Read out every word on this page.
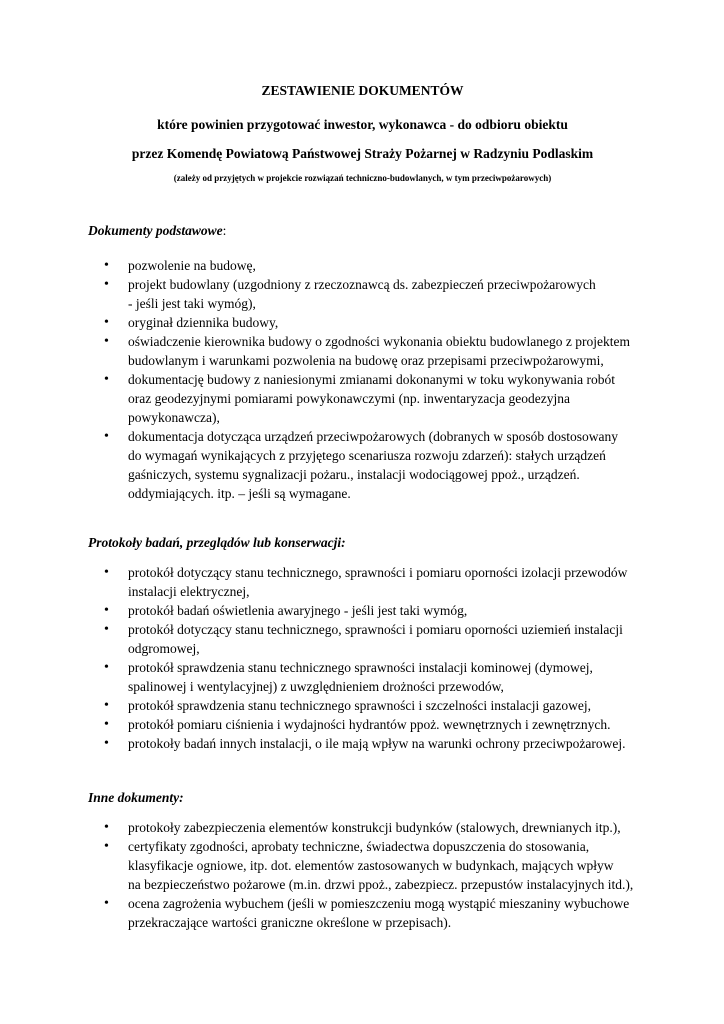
ZESTAWIENIE DOKUMENTÓW

które powinien przygotować inwestor, wykonawca - do odbioru obiektu

przez Komendę Powiatową Państwowej Straży Pożarnej w Radzyniu Podlaskim

(zależy od przyjętych w projekcie rozwiązań techniczno-budowlanych, w tym przeciwpożarowych)

Dokumenty podstawowe:

• pozwolenie na budowę,
• projekt budowlany (uzgodniony z rzeczoznawcą ds. zabezpieczeń przeciwpożarowych
- jeśli jest taki wymóg),
• oryginał dziennika budowy,
• oświadczenie kierownika budowy o zgodności wykonania obiektu budowlanego z projektem
budowlanym i warunkami pozwolenia na budowę oraz przepisami przeciwpożarowymi,
• dokumentację budowy z naniesionymi zmianami dokonanymi w toku wykonywania robót
oraz geodezyjnymi pomiarami powykonawczymi (np. inwentaryzacja geodezyjna
powykonawcza),
• dokumentacja dotycząca urządzeń przeciwpożarowych (dobranych w sposób dostosowany
do wymagań wynikających z przyjętego scenariusza rozwoju zdarzeń): stałych urządzeń
gaśniczych, systemu sygnalizacji pożaru., instalacji wodociągowej ppoż., urządzeń.
oddymiających. itp. – jeśli są wymagane.

Protokoły badań, przeglądów lub konserwacji:

• protokół dotyczący stanu technicznego, sprawności i pomiaru oporności izolacji przewodów
instalacji elektrycznej,
• protokół badań oświetlenia awaryjnego - jeśli jest taki wymóg,
• protokół dotyczący stanu technicznego, sprawności i pomiaru oporności uziemień instalacji
odgromowej,
• protokół sprawdzenia stanu technicznego sprawności instalacji kominowej (dymowej,
spalinowej i wentylacyjnej) z uwzględnieniem drożności przewodów,
• protokół sprawdzenia stanu technicznego sprawności i szczelności instalacji gazowej,
• protokół pomiaru ciśnienia i wydajności hydrantów ppoż. wewnętrznych i zewnętrznych.
• protokoły badań innych instalacji, o ile mają wpływ na warunki ochrony przeciwpożarowej.

Inne dokumenty:

• protokoły zabezpieczenia elementów konstrukcji budynków (stalowych, drewnianych itp.),
• certyfikaty zgodności, aprobaty techniczne, świadectwa dopuszczenia do stosowania,
klasyfikacje ogniowe, itp. dot. elementów zastosowanych w budynkach, mających wpływ
na bezpieczeństwo pożarowe (m.in. drzwi ppoż., zabezpiecz. przepustów instalacyjnych itd.),
• ocena zagrożenia wybuchem (jeśli w pomieszczeniu mogą wystąpić mieszaniny wybuchowe
przekraczające wartości graniczne określone w przepisach).
